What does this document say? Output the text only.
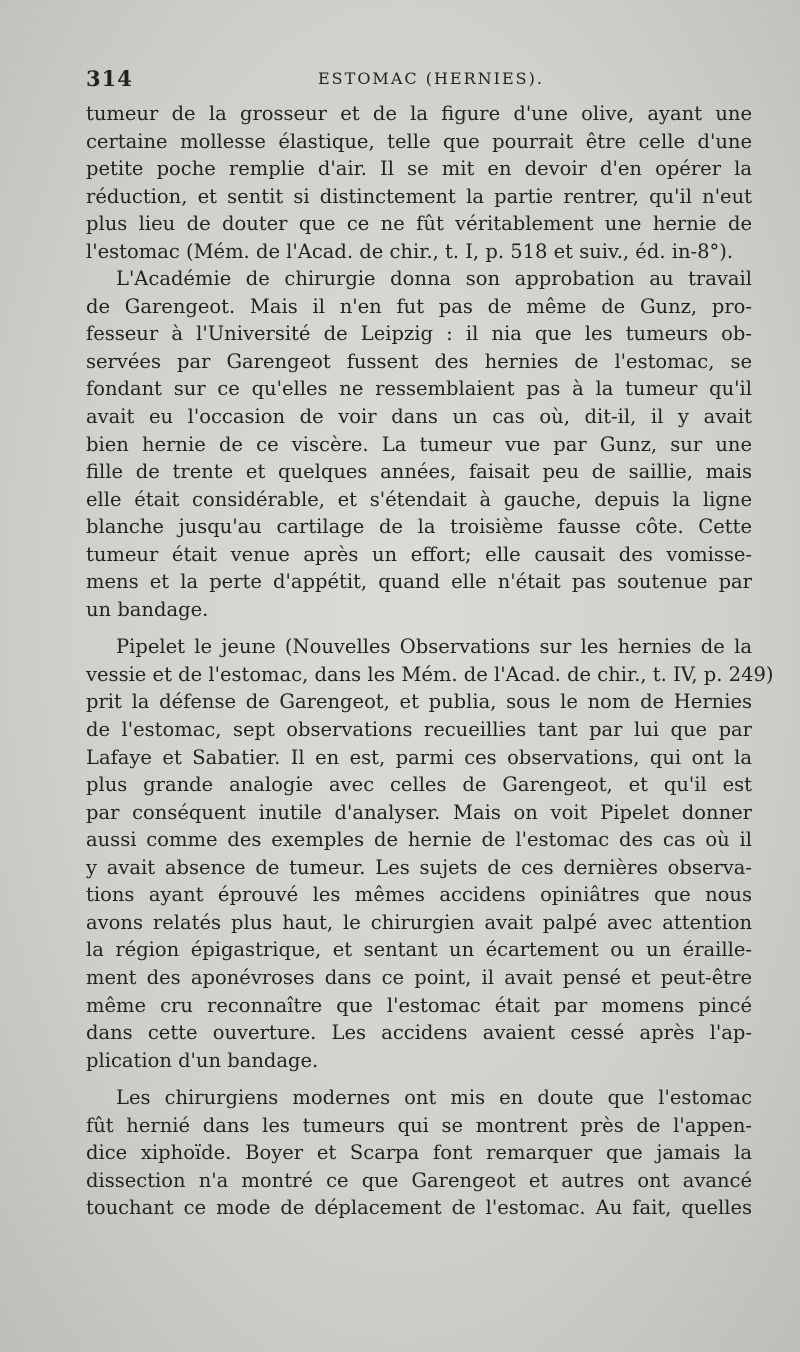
314	ESTOMAC (HERNIES).
tumeur de la grosseur et de la figure d'une olive, ayant une
certaine mollesse élastique, telle que pourrait être celle d'une
petite poche remplie d'air. Il se mit en devoir d'en opérer la
réduction, et sentit si distinctement la partie rentrer, qu'il n'eut
plus lieu de douter que ce ne fût véritablement une hernie de
l'estomac (Mém. de l'Acad. de chir., t. I, p. 518 et suiv., éd. in-8°).
L'Académie de chirurgie donna son approbation au travail
de Garengeot. Mais il n'en fut pas de même de Gunz, pro-
fesseur à l'Université de Leipzig : il nia que les tumeurs ob-
servées par Garengeot fussent des hernies de l'estomac, se
fondant sur ce qu'elles ne ressemblaient pas à la tumeur qu'il
avait eu l'occasion de voir dans un cas où, dit-il, il y avait
bien hernie de ce viscère. La tumeur vue par Gunz, sur une
fille de trente et quelques années, faisait peu de saillie, mais
elle était considérable, et s'étendait à gauche, depuis la ligne
blanche jusqu'au cartilage de la troisième fausse côte. Cette
tumeur était venue après un effort; elle causait des vomisse-
mens et la perte d'appétit, quand elle n'était pas soutenue par
un bandage.
Pipelet le jeune (Nouvelles Observations sur les hernies de la
vessie et de l'estomac, dans les Mém. de l'Acad. de chir., t. IV, p. 249)
prit la défense de Garengeot, et publia, sous le nom de Hernies
de l'estomac, sept observations recueillies tant par lui que par
Lafaye et Sabatier. Il en est, parmi ces observations, qui ont la
plus grande analogie avec celles de Garengeot, et qu'il est
par conséquent inutile d'analyser. Mais on voit Pipelet donner
aussi comme des exemples de hernie de l'estomac des cas où il
y avait absence de tumeur. Les sujets de ces dernières observa-
tions ayant éprouvé les mêmes accidens opiniâtres que nous
avons relatés plus haut, le chirurgien avait palpé avec attention
la région épigastrique, et sentant un écartement ou un éraille-
ment des aponévroses dans ce point, il avait pensé et peut-être
même cru reconnaître que l'estomac était par momens pincé
dans cette ouverture. Les accidens avaient cessé après l'ap-
plication d'un bandage.
Les chirurgiens modernes ont mis en doute que l'estomac
fût hernié dans les tumeurs qui se montrent près de l'appen-
dice xiphoïde. Boyer et Scarpa font remarquer que jamais la
dissection n'a montré ce que Garengeot et autres ont avancé
touchant ce mode de déplacement de l'estomac. Au fait, quelles
